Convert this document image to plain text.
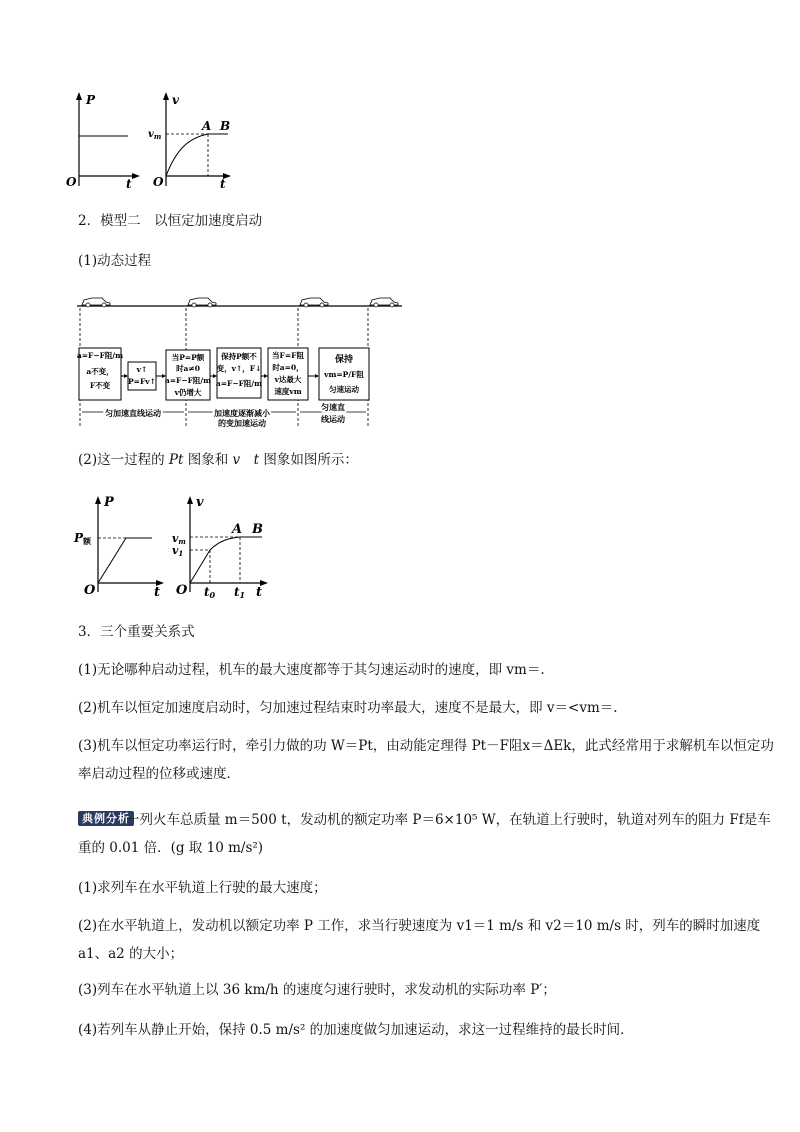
P
O	t
v
$v_m$
A B
O	t
2．模型二　以恒定加速度启动
(1)动态过程
a=F−F阻/m
a不变，
F不变
v↑
P=Fv↑
当P=P额
时a≠0
a=F−F阻/m
v仍增大
保持P额不
变，v↑，F↓
a=F−F阻/m
当F=F阻
时a=0，
v达最大
速度vm
保持
vm=P/F阻
匀速运动
匀加速直线运动	加速度逐渐减小
的变加速运动
匀速直
线运动
(2)这一过程的 Pt 图象和 v　 t 图象如图所示：
P
P额
O	t
v
vm
v1
A B
O t0 t1 t
3．三个重要关系式
(1)无论哪种启动过程，机车的最大速度都等于其匀速运动时的速度，即 vm＝.
(2)机车以恒定加速度启动时，匀加速过程结束时功率最大，速度不是最大，即 v＝<vm＝.
(3)机车以恒定功率运行时，牵引力做的功 W＝Pt，由动能定理得 Pt－F阻x＝ΔEk，此式经常用于求解机车以恒定功率启动过程的位移或速度．
典例分析
一列火车总质量 m＝500 t，发动机的额定功率 P＝6×10⁵ W，在轨道上行驶时，轨道对列车的阻力 Ff是车重的 0.01 倍．(g 取 10 m/s²)
(1)求列车在水平轨道上行驶的最大速度；
(2)在水平轨道上，发动机以额定功率 P 工作，求当行驶速度为 v1＝1 m/s 和 v2＝10 m/s 时，列车的瞬时加速度 a1、a2 的大小；
(3)列车在水平轨道上以 36 km/h 的速度匀速行驶时，求发动机的实际功率 P′；
(4)若列车从静止开始，保持 0.5 m/s² 的加速度做匀加速运动，求这一过程维持的最长时间．
